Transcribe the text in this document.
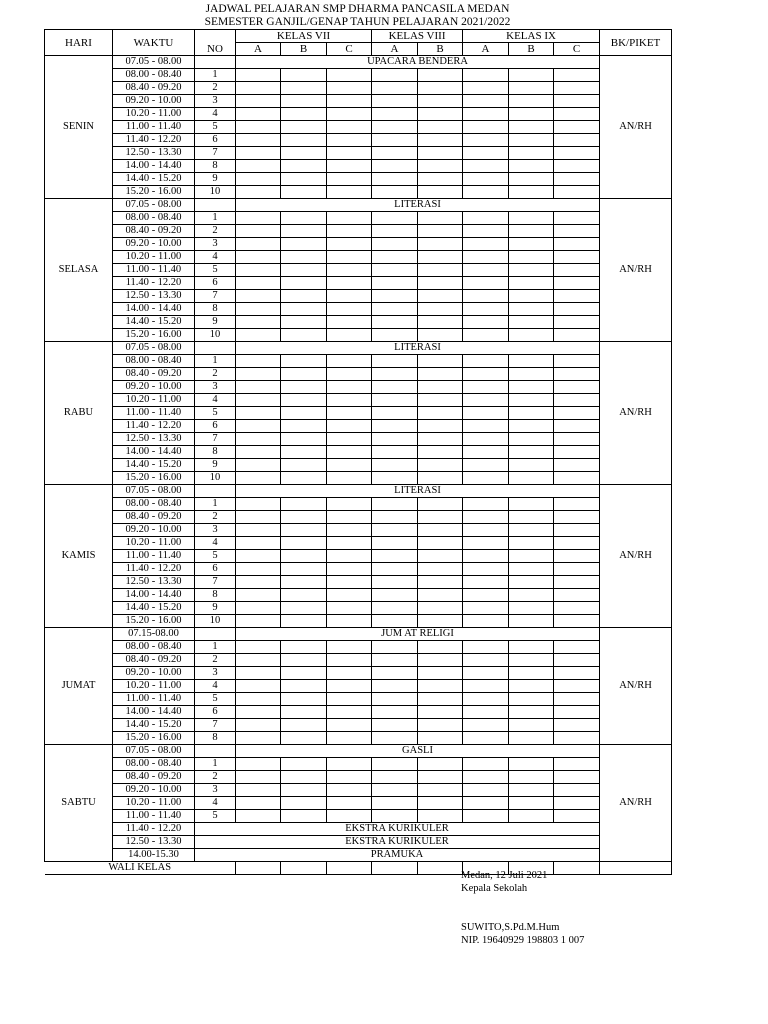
JADWAL PELAJARAN SMP DHARMA PANCASILA MEDAN
SEMESTER GANJIL/GENAP TAHUN PELAJARAN 2021/2022
HARI	WAKTU		KELAS VII			KELAS VIII		KELAS IX			BK/PIKET
		NO	A	B	C	A	B	A	B	C	
SENIN	07.05 - 08.00		UPACARA BENDERA								AN/RH
	08.00 - 08.40	1									
	08.40 - 09.20	2									
	09.20 - 10.00	3									
	10.20 - 11.00	4									
	11.00 - 11.40	5									
	11.40 - 12.20	6									
	12.50 - 13.30	7									
	14.00 - 14.40	8									
	14.40 - 15.20	9									
	15.20 - 16.00	10									
SELASA	07.05 - 08.00		LITERASI								AN/RH
	08.00 - 08.40	1									
	08.40 - 09.20	2									
	09.20 - 10.00	3									
	10.20 - 11.00	4									
	11.00 - 11.40	5									
	11.40 - 12.20	6									
	12.50 - 13.30	7									
	14.00 - 14.40	8									
	14.40 - 15.20	9									
	15.20 - 16.00	10									
RABU	07.05 - 08.00		LITERASI								AN/RH
	08.00 - 08.40	1									
	08.40 - 09.20	2									
	09.20 - 10.00	3									
	10.20 - 11.00	4									
	11.00 - 11.40	5									
	11.40 - 12.20	6									
	12.50 - 13.30	7									
	14.00 - 14.40	8									
	14.40 - 15.20	9									
	15.20 - 16.00	10									
KAMIS	07.05 - 08.00		LITERASI								AN/RH
	08.00 - 08.40	1									
	08.40 - 09.20	2									
	09.20 - 10.00	3									
	10.20 - 11.00	4									
	11.00 - 11.40	5									
	11.40 - 12.20	6									
	12.50 - 13.30	7									
	14.00 - 14.40	8									
	14.40 - 15.20	9									
	15.20 - 16.00	10									
JUMAT	07.15-08.00		JUM AT RELIGI								AN/RH
	08.00 - 08.40	1									
	08.40 - 09.20	2									
	09.20 - 10.00	3									
	10.20 - 11.00	4									
	11.00 - 11.40	5									
	14.00 - 14.40	6									
	14.40 - 15.20	7									
	15.20 - 16.00	8									
SABTU	07.05 - 08.00		GASLI								AN/RH
	08.00 - 08.40	1									
	08.40 - 09.20	2									
	09.20 - 10.00	3									
	10.20 - 11.00	4									
	11.00 - 11.40	5									
	11.40 - 12.20	EKSTRA KURIKULER									
	12.50 - 13.30	EKSTRA KURIKULER									
	14.00-15.30	PRAMUKA									
WALI KELAS											
Medan, 12 Juli 2021
Kepala Sekolah
SUWITO,S.Pd.M.Hum
NIP. 19640929 198803 1 007
